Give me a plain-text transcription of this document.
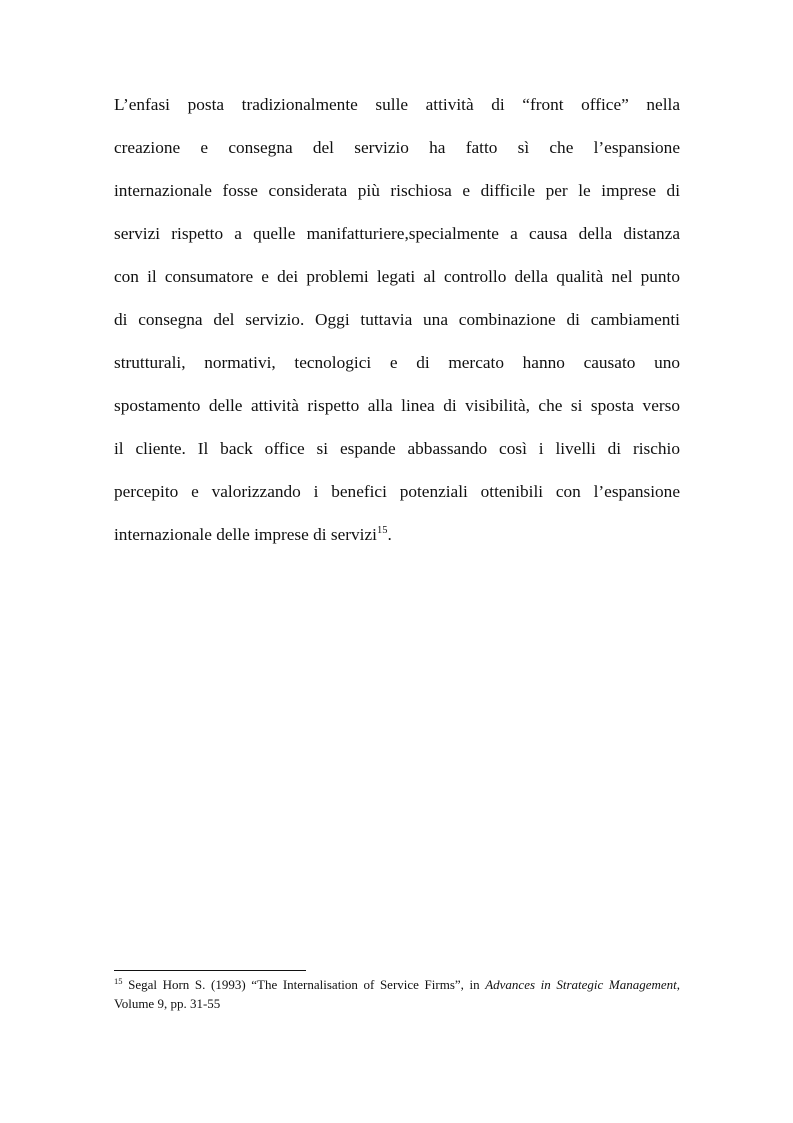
L’enfasi posta tradizionalmente sulle attività di “front office” nella
creazione e consegna del servizio ha fatto sì che l’espansione
internazionale fosse considerata più rischiosa e difficile per le imprese di
servizi rispetto a quelle manifatturiere,specialmente a causa della distanza
con il consumatore e dei problemi legati al controllo della qualità nel punto
di consegna del servizio. Oggi tuttavia una combinazione di cambiamenti
strutturali, normativi, tecnologici e di mercato hanno causato uno
spostamento delle attività rispetto alla linea di visibilità, che si sposta verso
il cliente. Il back office si espande abbassando così i livelli di rischio
percepito e valorizzando i benefici potenziali ottenibili con l’espansione
internazionale delle imprese di servizi$^{15}$.
$^{15}$ Segal Horn S. (1993) “The Internalisation of Service Firms”, in Advances in Strategic Management,
Volume 9, pp. 31-55
